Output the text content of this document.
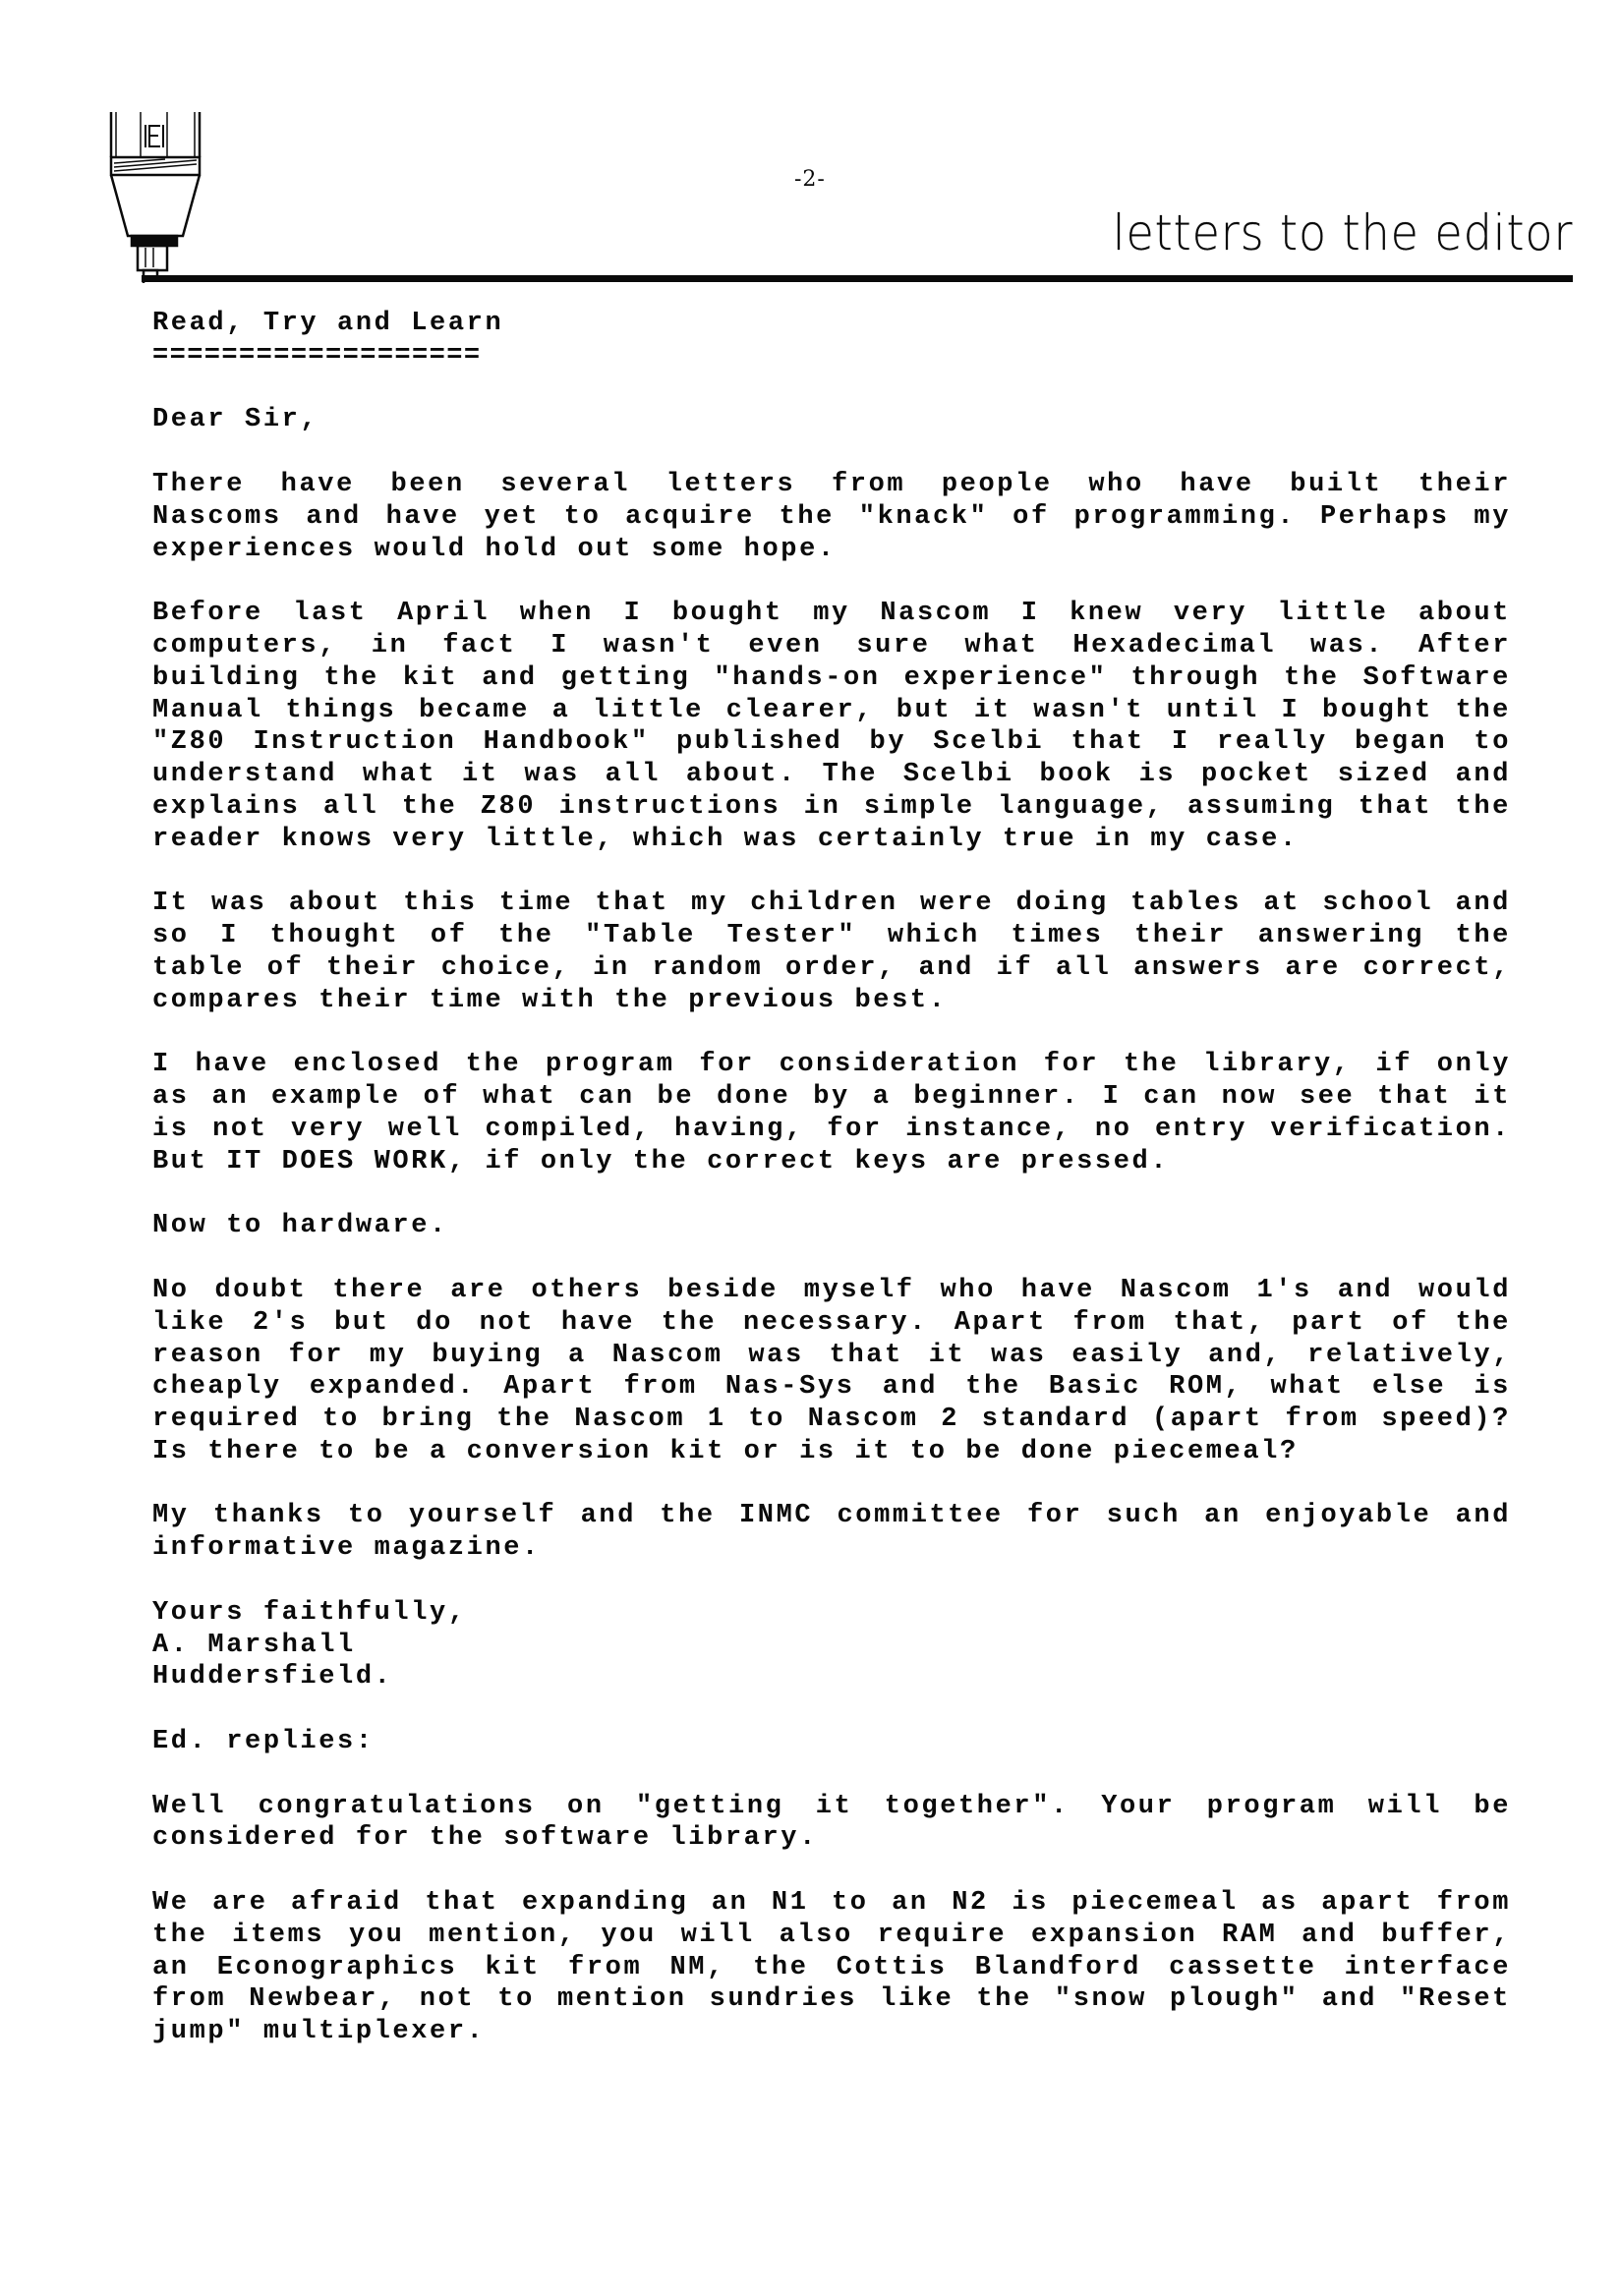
-2-
letters to the editor
Read, Try and Learn
===================

Dear Sir,

There have been several letters from people who have built their
Nascoms and have yet to acquire the "knack" of programming. Perhaps my
experiences would hold out some hope.

Before last April when I bought my Nascom I knew very little about
computers, in fact I wasn't even sure what Hexadecimal was. After
building the kit and getting "hands-on experience" through the Software
Manual things became a little clearer, but it wasn't until I bought the
"Z80 Instruction Handbook" published by Scelbi that I really began to
understand what it was all about. The Scelbi book is pocket sized and
explains all the Z80 instructions in simple language, assuming that the
reader knows very little, which was certainly true in my case.

It was about this time that my children were doing tables at school and
so I thought of the "Table Tester" which times their answering the
table of their choice, in random order, and if all answers are correct,
compares their time with the previous best.

I have enclosed the program for consideration for the library, if only
as an example of what can be done by a beginner. I can now see that it
is not very well compiled, having, for instance, no entry verification.
But IT DOES WORK, if only the correct keys are pressed.

Now to hardware.

No doubt there are others beside myself who have Nascom 1's and would
like 2's but do not have the necessary. Apart from that, part of the
reason for my buying a Nascom was that it was easily and, relatively,
cheaply expanded. Apart from Nas-Sys and the Basic ROM, what else is
required to bring the Nascom 1 to Nascom 2 standard (apart from speed)?
Is there to be a conversion kit or is it to be done piecemeal?

My thanks to yourself and the INMC committee for such an enjoyable and
informative magazine.

Yours faithfully,
A. Marshall
Huddersfield.

Ed. replies:

Well congratulations on "getting it together". Your program will be
considered for the software library.

We are afraid that expanding an N1 to an N2 is piecemeal as apart from
the items you mention, you will also require expansion RAM and buffer,
an Econographics kit from NM, the Cottis Blandford cassette interface
from Newbear, not to mention sundries like the "snow plough" and "Reset
jump" multiplexer.
